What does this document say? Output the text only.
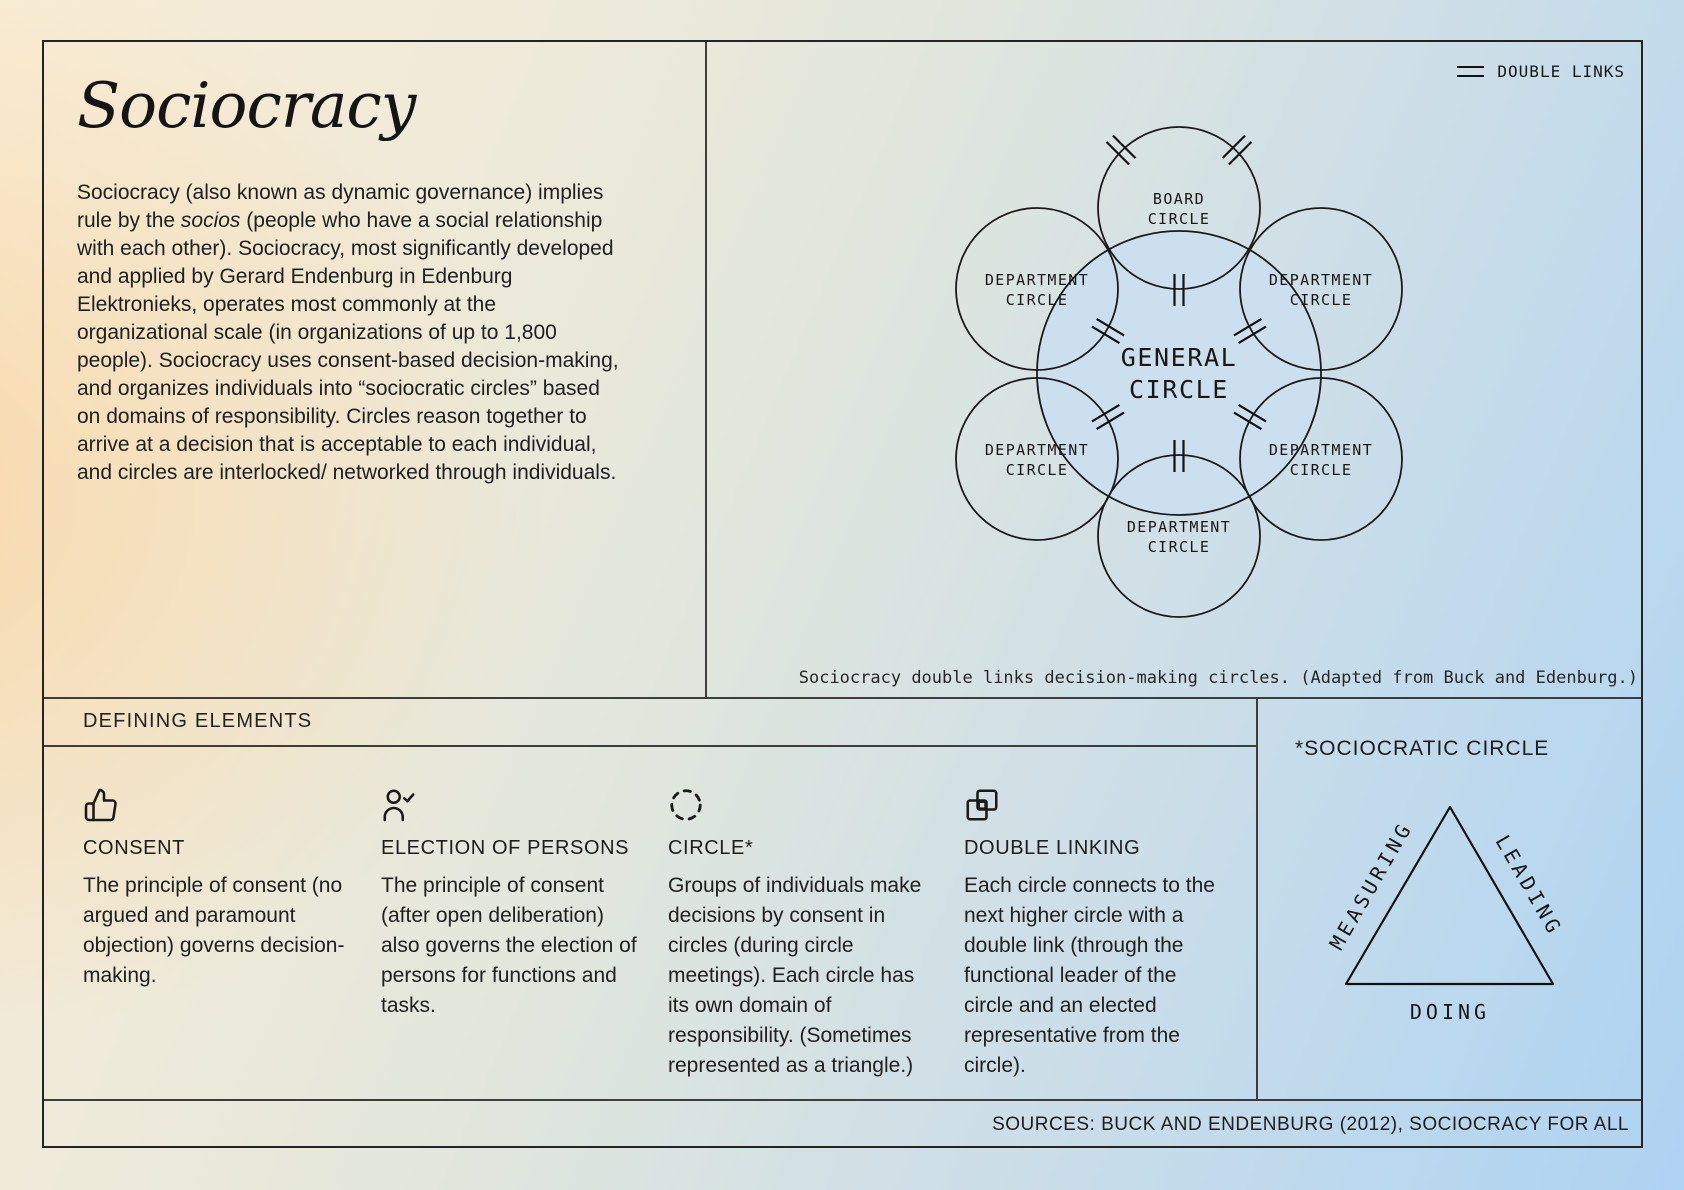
Sociocracy
Sociocracy (also known as dynamic governance) implies rule by the socios (people who have a social relationship with each other). Sociocracy, most significantly developed and applied by Gerard Endenburg in Edenburg Elektronieks, operates most commonly at the organizational scale (in organizations of up to 1,800 people). Sociocracy uses consent-based decision-making, and organizes individuals into “sociocratic circles” based on domains of responsibility. Circles reason together to arrive at a decision that is acceptable to each individual, and circles are interlocked/ networked through individuals.
DOUBLE LINKS
BOARD
CIRCLE
DEPARTMENT
CIRCLE
DEPARTMENT
CIRCLE
GENERAL
CIRCLE
DEPARTMENT
CIRCLE
DEPARTMENT
CIRCLE
DEPARTMENT
CIRCLE
Sociocracy double links decision-making circles. (Adapted from Buck and Edenburg.)
DEFINING ELEMENTS
CONSENT

The principle of consent (no argued and paramount objection) governs decision-making.

ELECTION OF PERSONS

The principle of consent (after open deliberation) also governs the election of persons for functions and tasks.

CIRCLE*

Groups of individuals make decisions by consent in circles (during circle meetings). Each circle has its own domain of responsibility. (Sometimes represented as a triangle.)

DOUBLE LINKING

Each circle connects to the next higher circle with a double link (through the functional leader of the circle and an elected representative from the circle).

*SOCIOCRATIC CIRCLE
MEASURING	LEADING
DOING
SOURCES: BUCK AND ENDENBURG (2012), SOCIOCRACY FOR ALL
